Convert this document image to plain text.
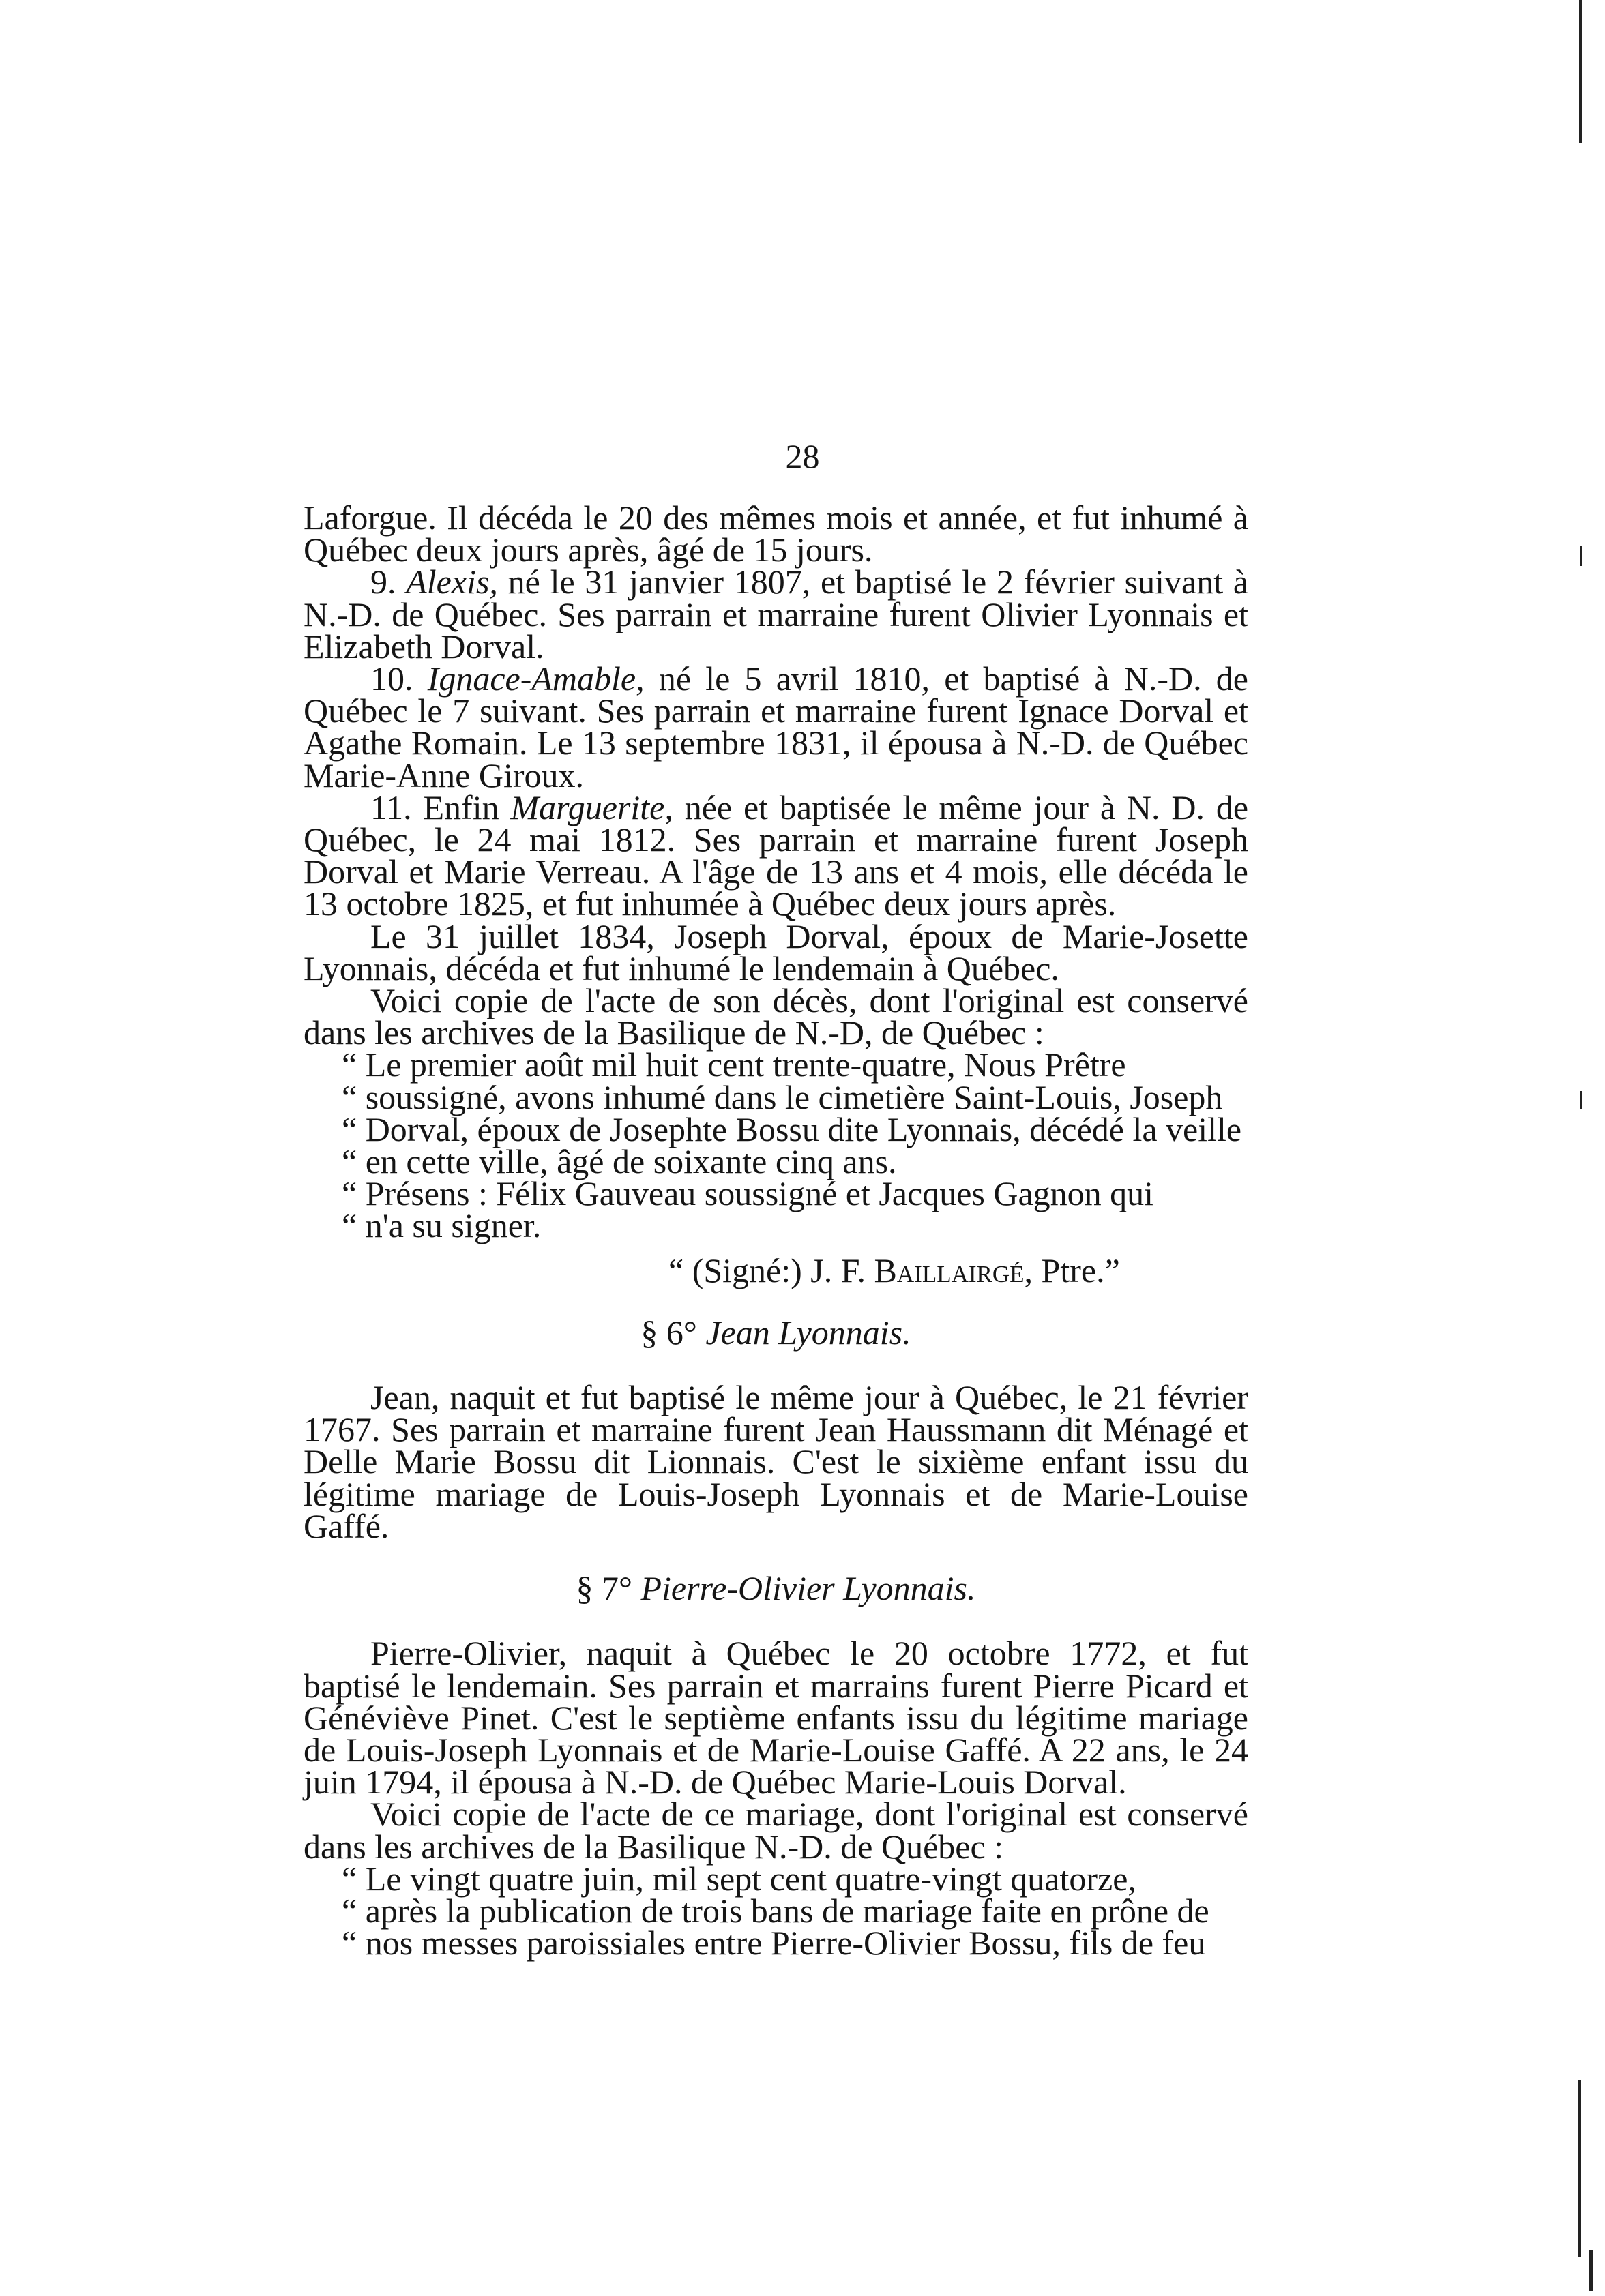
28

Laforgue. Il décéda le 20 des mêmes mois et année, et fut inhumé à Québec deux jours après, âgé de 15 jours.

9. Alexis, né le 31 janvier 1807, et baptisé le 2 février suivant à N.-D. de Québec. Ses parrain et marraine furent Olivier Lyonnais et Elizabeth Dorval.

10. Ignace-Amable, né le 5 avril 1810, et baptisé à N.-D. de Québec le 7 suivant. Ses parrain et marraine furent Ignace Dorval et Agathe Romain. Le 13 septembre 1831, il épousa à N.-D. de Québec Marie-Anne Giroux.

11. Enfin Marguerite, née et baptisée le même jour à N. D. de Québec, le 24 mai 1812. Ses parrain et marraine furent Joseph Dorval et Marie Verreau. A l'âge de 13 ans et 4 mois, elle décéda le 13 octobre 1825, et fut inhumée à Québec deux jours après.

Le 31 juillet 1834, Joseph Dorval, époux de Marie-Josette Lyonnais, décéda et fut inhumé le lendemain à Québec.

Voici copie de l'acte de son décès, dont l'original est conservé dans les archives de la Basilique de N.-D, de Québec :

“ Le premier août mil huit cent trente-quatre, Nous Prêtre

“ soussigné, avons inhumé dans le cimetière Saint-Louis, Joseph

“ Dorval, époux de Josephte Bossu dite Lyonnais, décédé la veille

“ en cette ville, âgé de soixante cinq ans.

“ Présens : Félix Gauveau soussigné et Jacques Gagnon qui

“ n'a su signer.

“ (Signé:) J. F. Baillairgé, Ptre.”

§ 6° Jean Lyonnais.

Jean, naquit et fut baptisé le même jour à Québec, le 21 février 1767. Ses parrain et marraine furent Jean Haussmann dit Ménagé et Delle Marie Bossu dit Lionnais. C'est le sixième enfant issu du légitime mariage de Louis-Joseph Lyonnais et de Marie-Louise Gaffé.

§ 7° Pierre-Olivier Lyonnais.

Pierre-Olivier, naquit à Québec le 20 octobre 1772, et fut baptisé le lendemain. Ses parrain et marrains furent Pierre Picard et Généviève Pinet. C'est le septième enfants issu du légitime mariage de Louis-Joseph Lyonnais et de Marie-Louise Gaffé. A 22 ans, le 24 juin 1794, il épousa à N.-D. de Québec Marie-Louis Dorval.

Voici copie de l'acte de ce mariage, dont l'original est conservé dans les archives de la Basilique N.-D. de Québec :

“ Le vingt quatre juin, mil sept cent quatre-vingt quatorze,

“ après la publication de trois bans de mariage faite en prône de

“ nos messes paroissiales entre Pierre-Olivier Bossu, fils de feu
